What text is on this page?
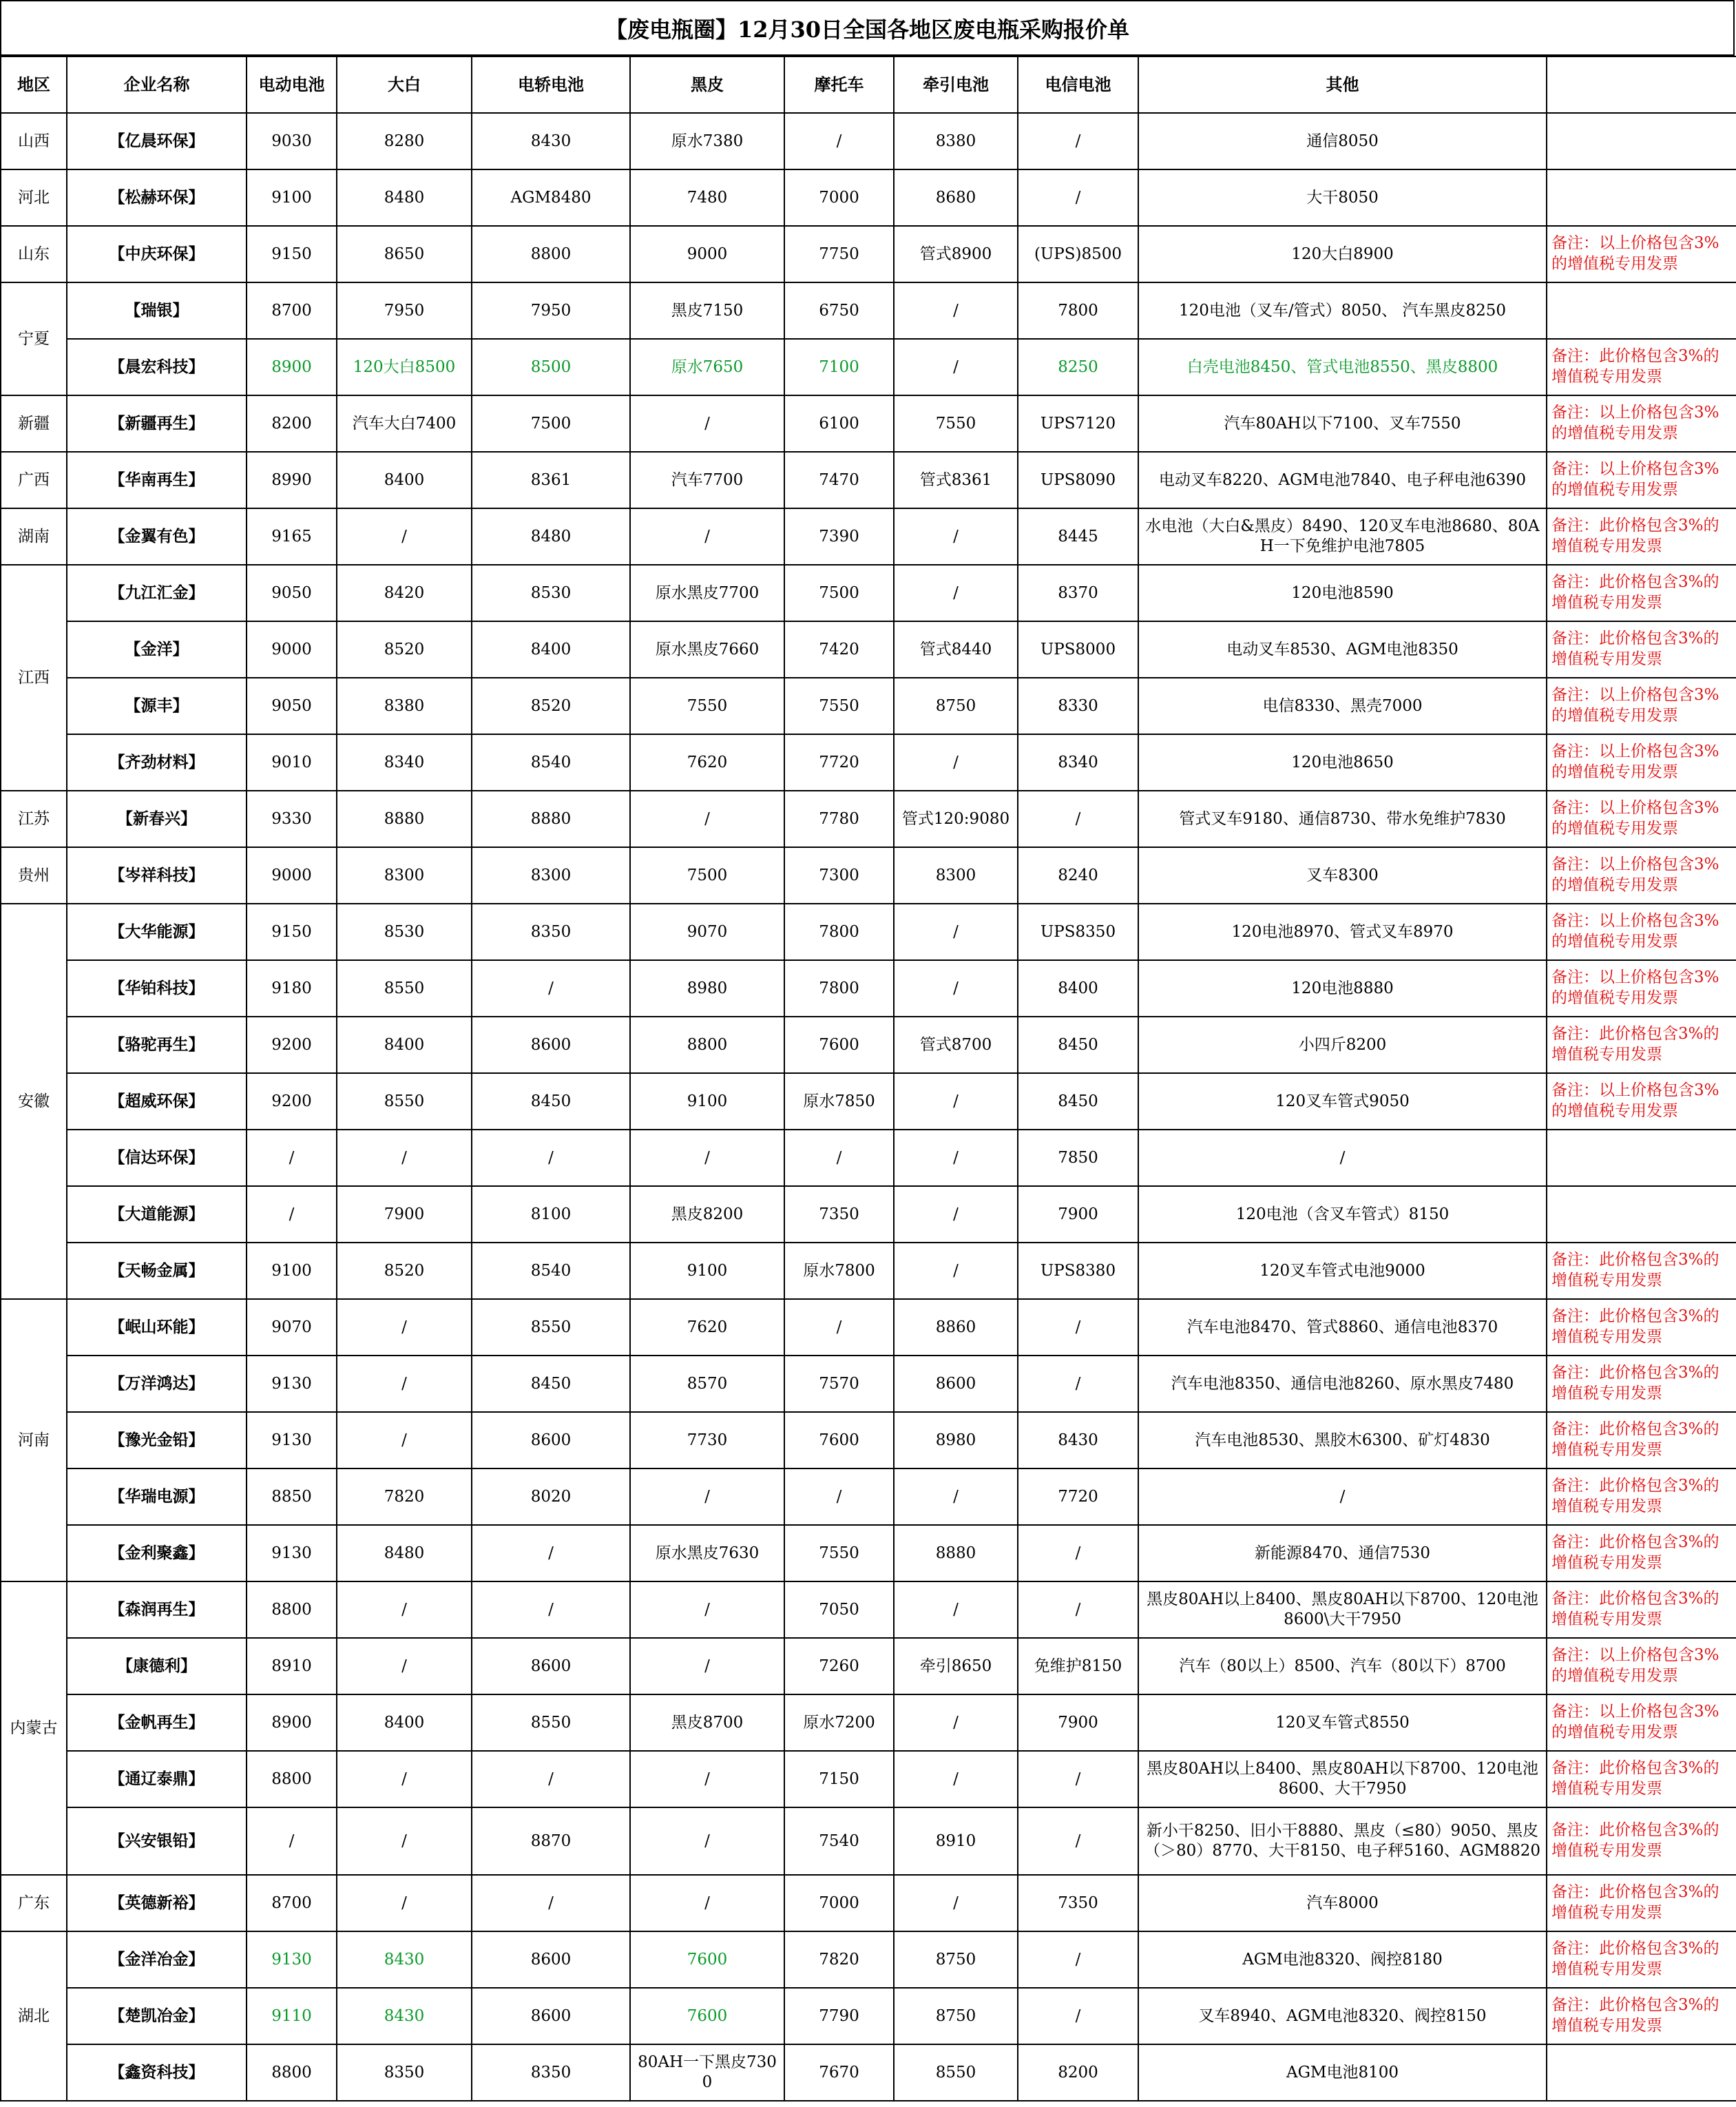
【废电瓶圈】12月30日全国各地区废电瓶采购报价单
地区	企业名称	电动电池	大白	电轿电池	黑皮	摩托车	牵引电池	电信电池	其他	
山西	【亿晨环保】	9030	8280	8430	原水7380	/	8380	/	通信8050	
河北	【松赫环保】	9100	8480	AGM8480	7480	7000	8680	/	大干8050	
山东	【中庆环保】	9150	8650	8800	9000	7750	管式8900	(UPS)8500	120大白8900	备注：以上价格包含3%的增值税专用发票
宁夏	【瑞银】	8700	7950	7950	黑皮7150	6750	/	7800	120电池（叉车/管式）8050、 汽车黑皮8250	
	【晨宏科技】	8900	120大白8500	8500	原水7650	7100	/	8250	白壳电池8450、管式电池8550、黑皮8800	备注：此价格包含3%的增值税专用发票
新疆	【新疆再生】	8200	汽车大白7400	7500	/	6100	7550	UPS7120	汽车80AH以下7100、叉车7550	备注：以上价格包含3%的增值税专用发票
广西	【华南再生】	8990	8400	8361	汽车7700	7470	管式8361	UPS8090	电动叉车8220、AGM电池7840、电子秤电池6390	备注：以上价格包含3%的增值税专用发票
湖南	【金翼有色】	9165	/	8480	/	7390	/	8445	水电池（大白&黑皮）8490、120叉车电池8680、80AH一下免维护电池7805	备注：此价格包含3%的增值税专用发票
江西	【九江汇金】	9050	8420	8530	原水黑皮7700	7500	/	8370	120电池8590	备注：此价格包含3%的增值税专用发票
	【金洋】	9000	8520	8400	原水黑皮7660	7420	管式8440	UPS8000	电动叉车8530、AGM电池8350	备注：此价格包含3%的增值税专用发票
	【源丰】	9050	8380	8520	7550	7550	8750	8330	电信8330、黑壳7000	备注：以上价格包含3%的增值税专用发票
	【齐劲材料】	9010	8340	8540	7620	7720	/	8340	120电池8650	备注：以上价格包含3%的增值税专用发票
江苏	【新春兴】	9330	8880	8880	/	7780	管式120:9080	/	管式叉车9180、通信8730、带水免维护7830	备注：以上价格包含3%的增值税专用发票
贵州	【岑祥科技】	9000	8300	8300	7500	7300	8300	8240	叉车8300	备注：以上价格包含3%的增值税专用发票
安徽	【大华能源】	9150	8530	8350	9070	7800	/	UPS8350	120电池8970、管式叉车8970	备注：以上价格包含3%的增值税专用发票
	【华铂科技】	9180	8550	/	8980	7800	/	8400	120电池8880	备注：以上价格包含3%的增值税专用发票
	【骆驼再生】	9200	8400	8600	8800	7600	管式8700	8450	小四斤8200	备注：此价格包含3%的增值税专用发票
	【超威环保】	9200	8550	8450	9100	原水7850	/	8450	120叉车管式9050	备注：以上价格包含3%的增值税专用发票
	【信达环保】	/	/	/	/	/	/	7850	/	
	【大道能源】	/	7900	8100	黑皮8200	7350	/	7900	120电池（含叉车管式）8150	
	【天畅金属】	9100	8520	8540	9100	原水7800	/	UPS8380	120叉车管式电池9000	备注：此价格包含3%的增值税专用发票
河南	【岷山环能】	9070	/	8550	7620	/	8860	/	汽车电池8470、管式8860、通信电池8370	备注：此价格包含3%的增值税专用发票
	【万洋鸿达】	9130	/	8450	8570	7570	8600	/	汽车电池8350、通信电池8260、原水黑皮7480	备注：此价格包含3%的增值税专用发票
	【豫光金铅】	9130	/	8600	7730	7600	8980	8430	汽车电池8530、黑胶木6300、矿灯4830	备注：此价格包含3%的增值税专用发票
	【华瑞电源】	8850	7820	8020	/	/	/	7720	/	备注：此价格包含3%的增值税专用发票
	【金利聚鑫】	9130	8480	/	原水黑皮7630	7550	8880	/	新能源8470、通信7530	备注：此价格包含3%的增值税专用发票
内蒙古	【森润再生】	8800	/	/	/	7050	/	/	黑皮80AH以上8400、黑皮80AH以下8700、120电池8600\大干7950	备注：此价格包含3%的增值税专用发票
	【康德利】	8910	/	8600	/	7260	牵引8650	免维护8150	汽车（80以上）8500、汽车（80以下）8700	备注：以上价格包含3%的增值税专用发票
	【金帆再生】	8900	8400	8550	黑皮8700	原水7200	/	7900	120叉车管式8550	备注：以上价格包含3%的增值税专用发票
	【通辽泰鼎】	8800	/	/	/	7150	/	/	黑皮80AH以上8400、黑皮80AH以下8700、120电池8600、大干7950	备注：此价格包含3%的增值税专用发票
	【兴安银铅】	/	/	8870	/	7540	8910	/	新小干8250、旧小干8880、黑皮（≤80）9050、黑皮（＞80）8770、大干8150、电子秤5160、AGM8820	备注：此价格包含3%的增值税专用发票
广东	【英德新裕】	8700	/	/	/	7000	/	7350	汽车8000	备注：此价格包含3%的增值税专用发票
湖北	【金洋冶金】	9130	8430	8600	7600	7820	8750	/	AGM电池8320、阀控8180	备注：此价格包含3%的增值税专用发票
	【楚凯冶金】	9110	8430	8600	7600	7790	8750	/	叉车8940、AGM电池8320、阀控8150	备注：此价格包含3%的增值税专用发票
	【鑫资科技】	8800	8350	8350	80AH一下黑皮7300	7670	8550	8200	AGM电池8100	
